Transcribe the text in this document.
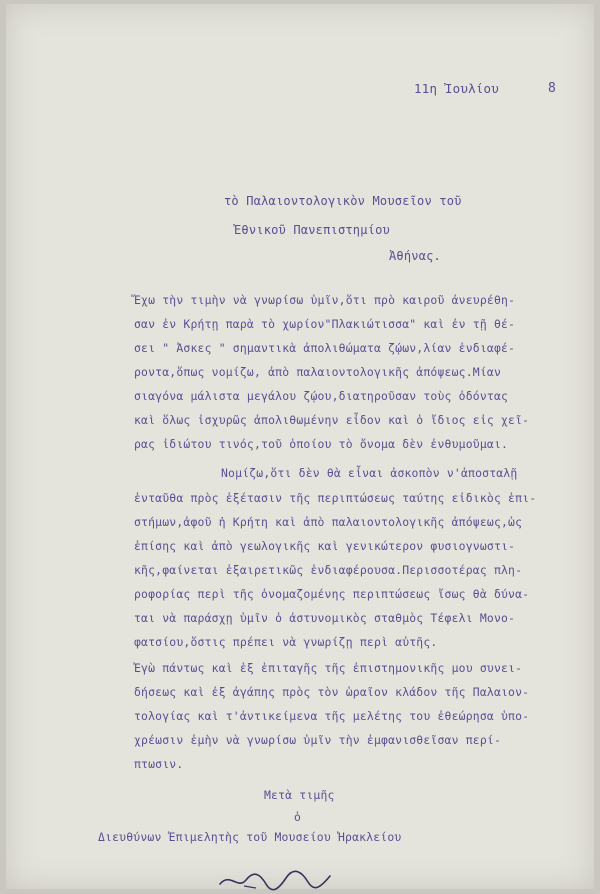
11η Ἰουλίου	8
τὸ Παλαιοντολογικὸν Μουσεῖον τοῦ
Ἐθνικοῦ Πανεπιστημίου
Ἀθήνας.
Ἔχω τὴν τιμὴν νὰ γνωρίσω ὑμῖν,ὅτι πρὸ καιροῦ ἀνευρέθη-
σαν ἐν Κρήτῃ παρὰ τὸ χωρίον"Πλακιώτισσα" καὶ ἐν τῇ θέ-
σει " Ἀσκες " σημαντικὰ ἀπολιθώματα ζῴων,λίαν ἐνδιαφέ-
ροντα,ὅπως νομίζω, ἀπὸ παλαιοντολογικῆς ἀπόψεως.Μίαν
σιαγόνα μάλιστα μεγάλου ζῴου,διατηροῦσαν τοὺς ὀδόντας
καὶ ὅλως ἰσχυρῶς ἀπολιθωμένην εἶδον καὶ ὁ ἴδιος εἰς χεῖ-
ρας ἰδιώτου τινός,τοῦ ὁποίου τὸ ὄνομα δὲν ἐνθυμοῦμαι.
Νομίζω,ὅτι δὲν θὰ εἶναι ἀσκοπὸν ν'ἀποσταλῇ
ἐνταῦθα πρὸς ἐξέτασιν τῆς περιπτώσεως ταύτης εἰδικὸς ἐπι-
στήμων,ἀφοῦ ἡ Κρήτη καὶ ἀπὸ παλαιοντολογικῆς ἀπόψεως,ὡς
ἐπίσης καὶ ἀπὸ γεωλογικῆς καὶ γενικώτερον φυσιογνωστι-
κῆς,φαίνεται ἐξαιρετικῶς ἐνδιαφέρουσα.Περισσοτέρας πλη-
ροφορίας περὶ τῆς ὀνομαζομένης περιπτώσεως ἴσως θὰ δύνα-
ται νὰ παράσχῃ ὑμῖν ὁ ἀστυνομικὸς σταθμὸς Τέφελι Μονο-
φατσίου,ὅστις πρέπει νὰ γνωρίζῃ περὶ αὐτῆς.
Ἐγὼ πάντως καὶ ἐξ ἐπιταγῆς τῆς ἐπιστημονικῆς μου συνει-
δήσεως καὶ ἐξ ἀγάπης πρὸς τὸν ὡραῖον κλάδον τῆς Παλαιον-
τολογίας καὶ τ'ἀντικείμενα τῆς μελέτης του ἐθεώρησα ὑπο-
χρέωσιν ἐμὴν νὰ γνωρίσω ὑμῖν τὴν ἐμφανισθεῖσαν περί-
πτωσιν.
Μετὰ τιμῆς
ὁ
Διευθύνων Ἐπιμελητὴς τοῦ Μουσείου Ἡρακλείου
